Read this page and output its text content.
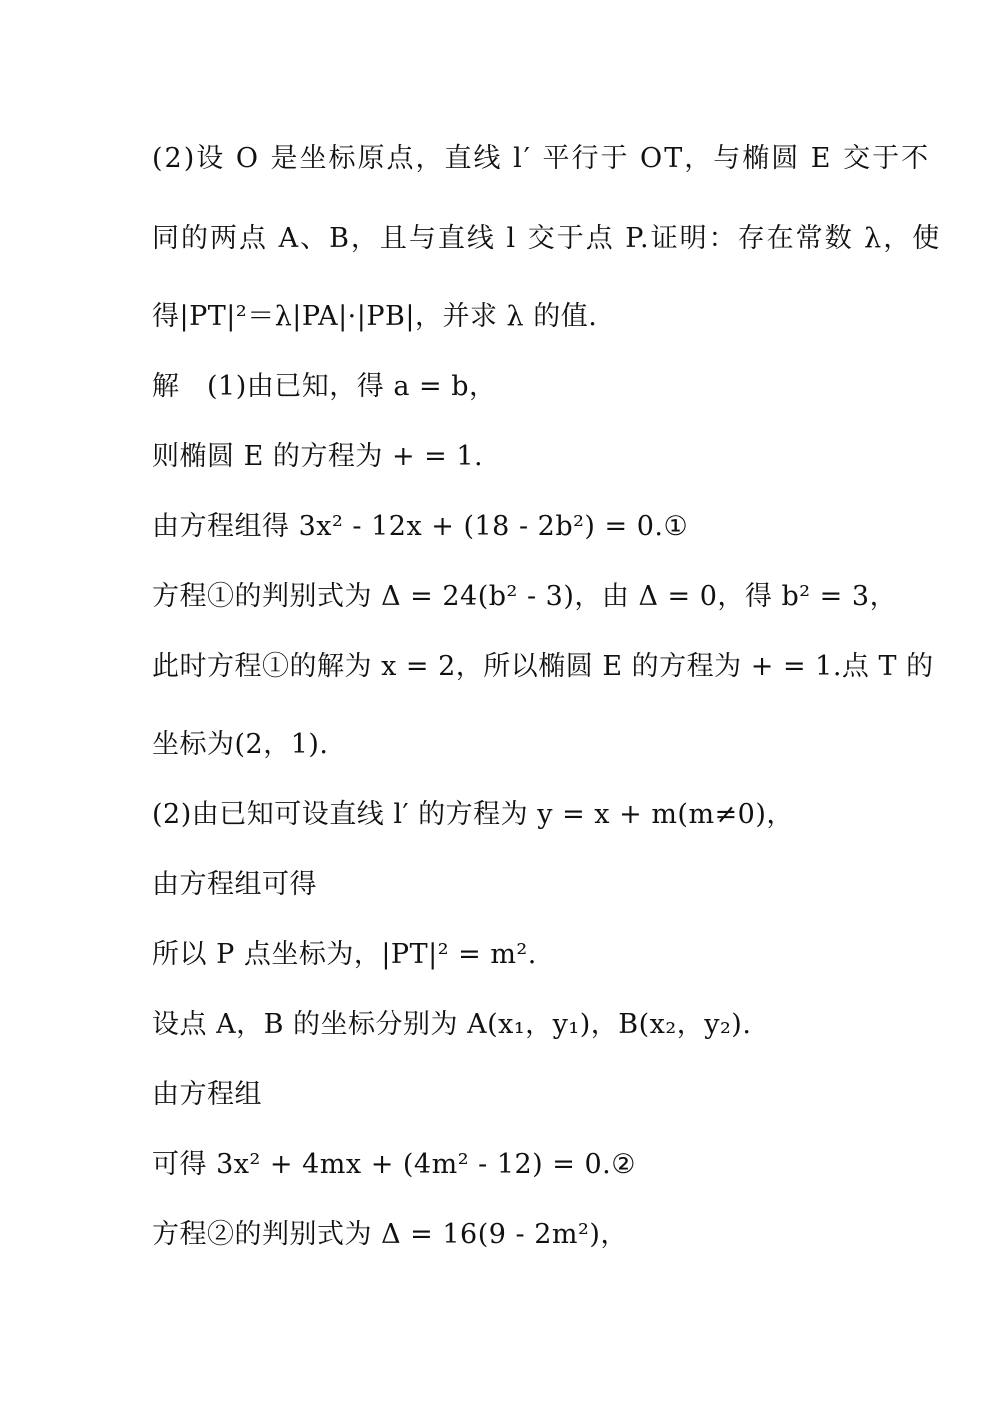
(2)设 O 是坐标原点，直线 l′ 平行于 OT，与椭圆 E 交于不
同的两点 A、B，且与直线 l 交于点 P.证明：存在常数 λ，使
得|PT|²＝λ|PA|·|PB|，并求 λ 的值.
解　(1)由已知，得 a = b，
则椭圆 E 的方程为 + = 1.
由方程组得 3x² - 12x + (18 - 2b²) = 0.①
方程①的判别式为 Δ = 24(b² - 3)，由 Δ = 0，得 b² = 3，
此时方程①的解为 x = 2，所以椭圆 E 的方程为 + = 1.点 T 的
坐标为(2，1).
(2)由已知可设直线 l′ 的方程为 y = x + m(m≠0)，
由方程组可得
所以 P 点坐标为，|PT|² = m².
设点 A，B 的坐标分别为 A(x₁，y₁)，B(x₂，y₂).
由方程组
可得 3x² + 4mx + (4m² - 12) = 0.②
方程②的判别式为 Δ = 16(9 - 2m²)，
